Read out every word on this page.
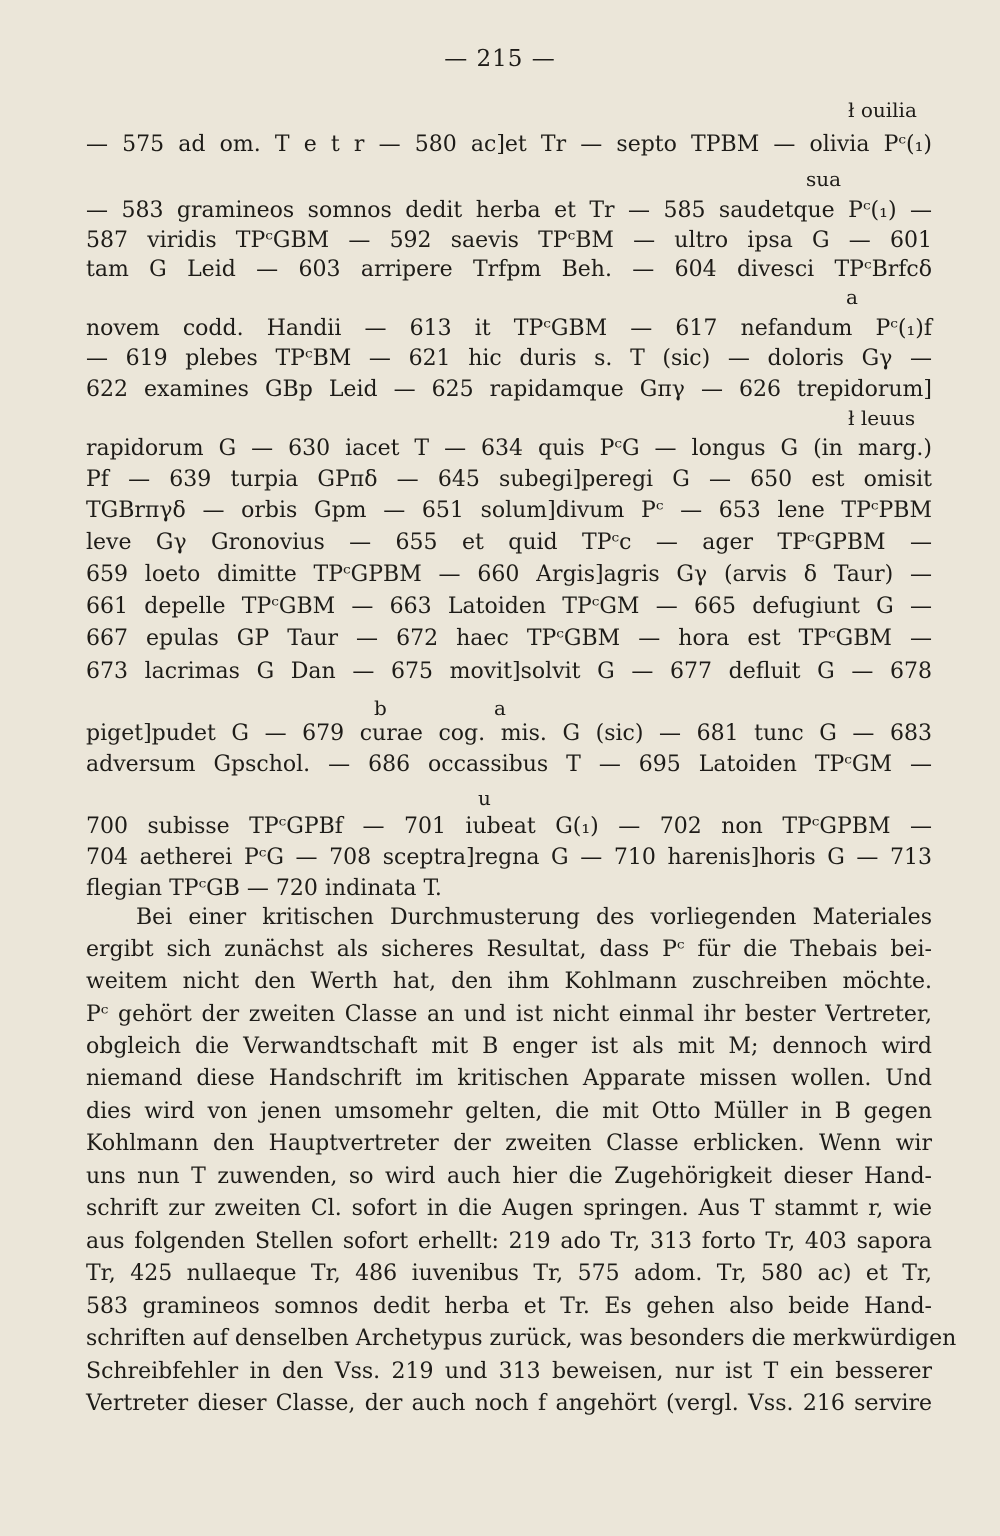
— 215 —
ł ouilia
sua
a
ł leuus
b	a
u
— 575 ad om. T e t r — 580 ac]et Tr — septo TPBM — olivia Pᶜ(₁)
— 583 gramineos somnos dedit herba et Tr — 585 saudetque Pᶜ(₁) —
587 viridis TPᶜGBM — 592 saevis TPᶜBM — ultro ipsa G — 601
tam G Leid — 603 arripere Trfpm Beh. — 604 divesci TPᶜBrfcδ
novem codd. Handii — 613 it TPᶜGBM — 617 nefandum Pᶜ(₁)f
— 619 plebes TPᶜBM — 621 hic duris s. T (sic) — doloris Gγ —
622 examines GBp Leid — 625 rapidamque Gπγ — 626 trepidorum]
rapidorum G — 630 iacet T — 634 quis PᶜG — longus G (in marg.)
Pf — 639 turpia GPπδ — 645 subegi]peregi G — 650 est omisit
TGBrπγδ — orbis Gpm — 651 solum]divum Pᶜ — 653 lene TPᶜPBM
leve Gγ Gronovius — 655 et quid TPᶜc — ager TPᶜGPBM —
659 loeto dimitte TPᶜGPBM — 660 Argis]agris Gγ (arvis δ Taur) —
661 depelle TPᶜGBM — 663 Latoiden TPᶜGM — 665 defugiunt G —
667 epulas GP Taur — 672 haec TPᶜGBM — hora est TPᶜGBM —
673 lacrimas G Dan — 675 movit]solvit G — 677 defluit G — 678
piget]pudet G — 679 curae cog. mis. G (sic) — 681 tunc G — 683
adversum Gpschol. — 686 occassibus T — 695 Latoiden TPᶜGM —
700 subisse TPᶜGPBf — 701 iubeat G(₁) — 702 non TPᶜGPBM —
704 aetherei PᶜG — 708 sceptra]regna G — 710 harenis]horis G — 713
flegian TPᶜGB — 720 indinata T.
Bei einer kritischen Durchmusterung des vorliegenden Materiales
ergibt sich zunächst als sicheres Resultat, dass Pᶜ für die Thebais bei-
weitem nicht den Werth hat, den ihm Kohlmann zuschreiben möchte.
Pᶜ gehört der zweiten Classe an und ist nicht einmal ihr bester Vertreter,
obgleich die Verwandtschaft mit B enger ist als mit M; dennoch wird
niemand diese Handschrift im kritischen Apparate missen wollen. Und
dies wird von jenen umsomehr gelten, die mit Otto Müller in B gegen
Kohlmann den Hauptvertreter der zweiten Classe erblicken. Wenn wir
uns nun T zuwenden, so wird auch hier die Zugehörigkeit dieser Hand-
schrift zur zweiten Cl. sofort in die Augen springen. Aus T stammt r, wie
aus folgenden Stellen sofort erhellt: 219 ado Tr, 313 forto Tr, 403 sapora
Tr, 425 nullaeque Tr, 486 iuvenibus Tr, 575 adom. Tr, 580 ac) et Tr,
583 gramineos somnos dedit herba et Tr. Es gehen also beide Hand-
schriften auf denselben Archetypus zurück, was besonders die merkwürdigen
Schreibfehler in den Vss. 219 und 313 beweisen, nur ist T ein besserer
Vertreter dieser Classe, der auch noch f angehört (vergl. Vss. 216 servire
